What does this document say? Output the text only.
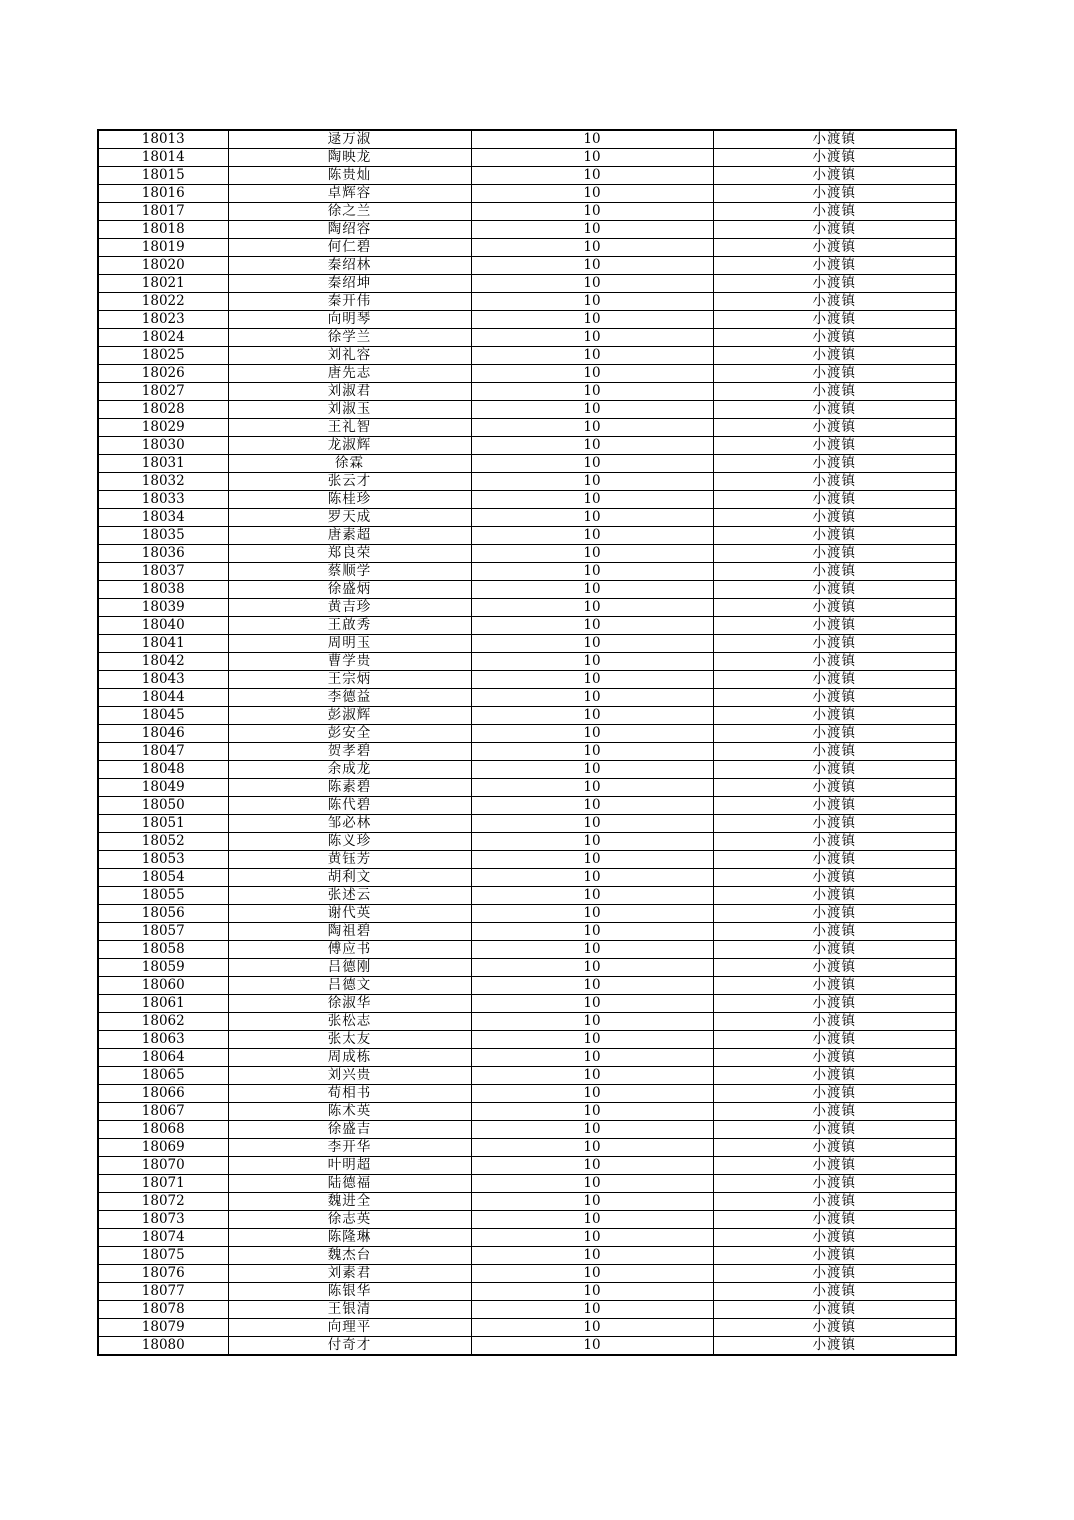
18013	逯万淑	10	小渡镇
18014	陶映龙	10	小渡镇
18015	陈贵灿	10	小渡镇
18016	卓辉容	10	小渡镇
18017	徐之兰	10	小渡镇
18018	陶绍容	10	小渡镇
18019	何仁碧	10	小渡镇
18020	秦绍林	10	小渡镇
18021	秦绍坤	10	小渡镇
18022	秦开伟	10	小渡镇
18023	向明琴	10	小渡镇
18024	徐学兰	10	小渡镇
18025	刘礼容	10	小渡镇
18026	唐先志	10	小渡镇
18027	刘淑君	10	小渡镇
18028	刘淑玉	10	小渡镇
18029	王礼智	10	小渡镇
18030	龙淑辉	10	小渡镇
18031	徐霖	10	小渡镇
18032	张云才	10	小渡镇
18033	陈桂珍	10	小渡镇
18034	罗天成	10	小渡镇
18035	唐素超	10	小渡镇
18036	郑良荣	10	小渡镇
18037	蔡顺学	10	小渡镇
18038	徐盛炳	10	小渡镇
18039	黄吉珍	10	小渡镇
18040	王啟秀	10	小渡镇
18041	周明玉	10	小渡镇
18042	曹学贵	10	小渡镇
18043	王宗炳	10	小渡镇
18044	李德益	10	小渡镇
18045	彭淑辉	10	小渡镇
18046	彭安全	10	小渡镇
18047	贺孝碧	10	小渡镇
18048	余成龙	10	小渡镇
18049	陈素碧	10	小渡镇
18050	陈代碧	10	小渡镇
18051	邹必林	10	小渡镇
18052	陈义珍	10	小渡镇
18053	黄钰芳	10	小渡镇
18054	胡利文	10	小渡镇
18055	张述云	10	小渡镇
18056	谢代英	10	小渡镇
18057	陶祖碧	10	小渡镇
18058	傅应书	10	小渡镇
18059	吕德刚	10	小渡镇
18060	吕德文	10	小渡镇
18061	徐淑华	10	小渡镇
18062	张松志	10	小渡镇
18063	张太友	10	小渡镇
18064	周成栋	10	小渡镇
18065	刘兴贵	10	小渡镇
18066	荀相书	10	小渡镇
18067	陈术英	10	小渡镇
18068	徐盛吉	10	小渡镇
18069	李开华	10	小渡镇
18070	叶明超	10	小渡镇
18071	陆德福	10	小渡镇
18072	魏进全	10	小渡镇
18073	徐志英	10	小渡镇
18074	陈隆琳	10	小渡镇
18075	魏杰台	10	小渡镇
18076	刘素君	10	小渡镇
18077	陈银华	10	小渡镇
18078	王银清	10	小渡镇
18079	向理平	10	小渡镇
18080	付奇才	10	小渡镇
